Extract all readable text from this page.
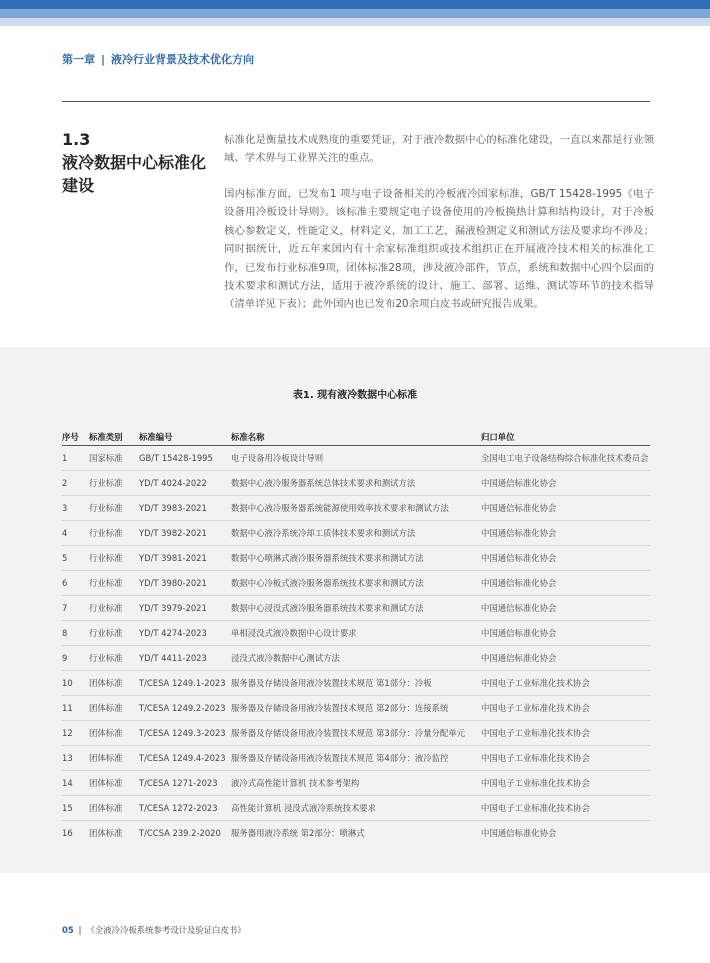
第一章 | 液冷行业背景及技术优化方向
1.3
液冷数据中心标准化建设

标准化是衡量技术成熟度的重要凭证，对于液冷数据中心的标准化建设，一直以来都是行业领域、学术界与工业界关注的重点。

国内标准方面，已发布1 项与电子设备相关的冷板液冷国家标准，GB/T 15428-1995《电子设备用冷板设计导则》。该标准主要规定电子设备使用的冷板换热计算和结构设计，对于冷板核心参数定义，性能定义，材料定义，加工工艺，漏液检测定义和测试方法及要求均不涉及；同时据统计，近五年来国内有十余家标准组织或技术组织正在开展液冷技术相关的标准化工作，已发布行业标准9项，团体标准28项，涉及液冷部件，节点，系统和数据中心四个层面的技术要求和测试方法，适用于液冷系统的设计、施工、部署、运维、测试等环节的技术指导（清单详见下表）；此外国内也已发布20余项白皮书或研究报告成果。

表1. 现有液冷数据中心标准
序号	标准类别	标准编号	标准名称	归口单位
1	国家标准	GB/T 15428-1995	电子设备用冷板设计导则	全国电工电子设备结构综合标准化技术委员会
2	行业标准	YD/T 4024-2022	数据中心液冷服务器系统总体技术要求和测试方法	中国通信标准化协会
3	行业标准	YD/T 3983-2021	数据中心液冷服务器系统能源使用效率技术要求和测试方法	中国通信标准化协会
4	行业标准	YD/T 3982-2021	数据中心液冷系统冷却工质体技术要求和测试方法	中国通信标准化协会
5	行业标准	YD/T 3981-2021	数据中心喷淋式液冷服务器系统技术要求和测试方法	中国通信标准化协会
6	行业标准	YD/T 3980-2021	数据中心冷板式液冷服务器系统技术要求和测试方法	中国通信标准化协会
7	行业标准	YD/T 3979-2021	数据中心浸没式液冷服务器系统技术要求和测试方法	中国通信标准化协会
8	行业标准	YD/T 4274-2023	单相浸没式液冷数据中心设计要求	中国通信标准化协会
9	行业标准	YD/T 4411-2023	浸没式液冷数据中心测试方法	中国通信标准化协会
10	团体标准	T/CESA 1249.1-2023 服务器及存储设备用液冷装置技术规范 第1部分：冷板	中国电子工业标准化技术协会
11	团体标准	T/CESA 1249.2-2023 服务器及存储设备用液冷装置技术规范 第2部分：连接系统	中国电子工业标准化技术协会
12	团体标准	T/CESA 1249.3-2023 服务器及存储设备用液冷装置技术规范 第3部分：冷量分配单元	中国电子工业标准化技术协会
13	团体标准	T/CESA 1249.4-2023 服务器及存储设备用液冷装置技术规范 第4部分：液冷监控	中国电子工业标准化技术协会
14	团体标准	T/CESA 1271-2023	液冷式高性能计算机 技术参考架构	中国电子工业标准化技术协会
15	团体标准	T/CESA 1272-2023	高性能计算机 浸没式液冷系统技术要求	中国电子工业标准化技术协会
16	团体标准	T/CCSA 239.2-2020	服务器用液冷系统 第2部分：喷淋式	中国通信标准化协会
05 | 《全液冷冷板系统参考设计及验证白皮书》
